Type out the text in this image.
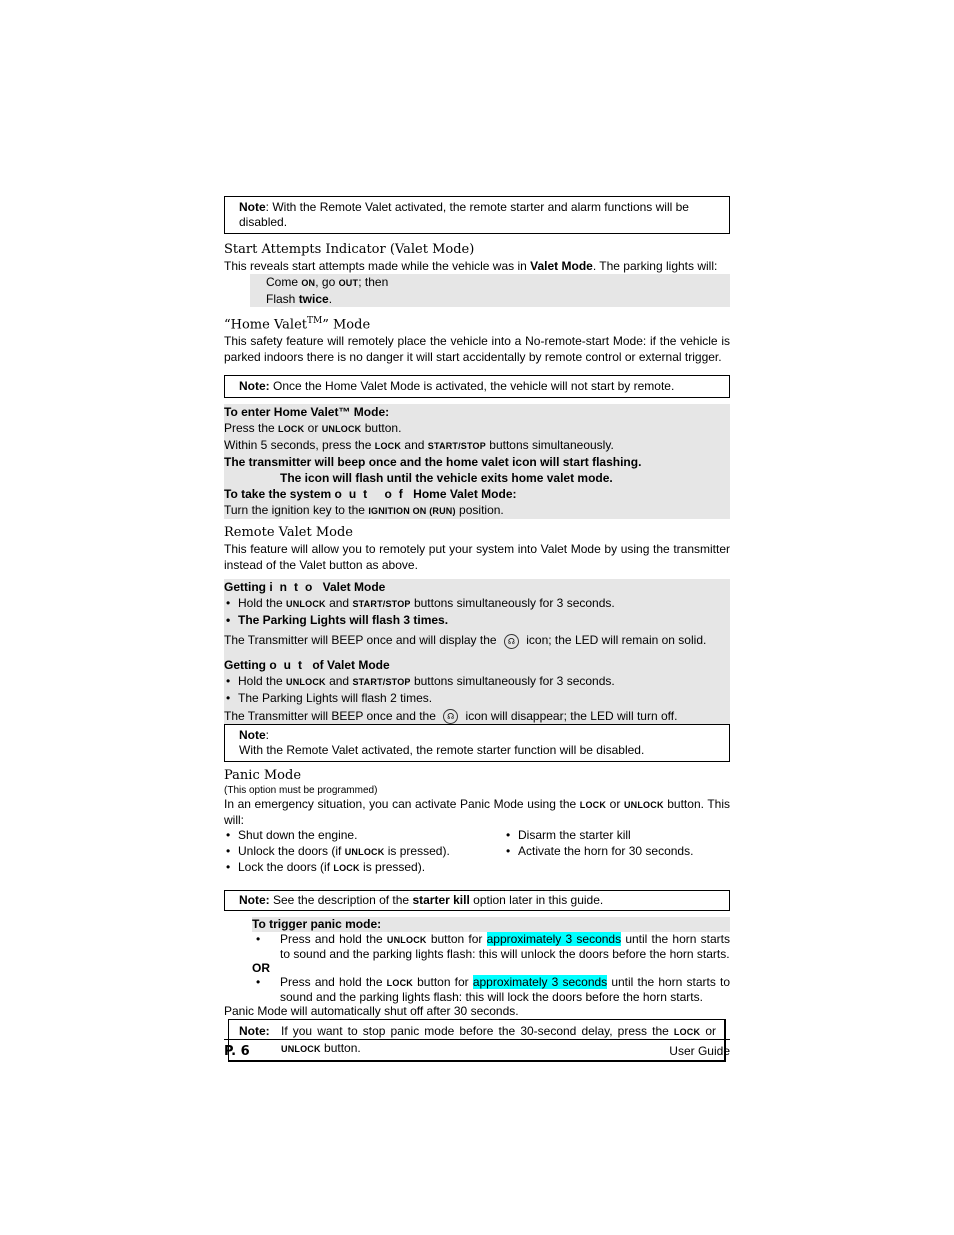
Note: With the Remote Valet activated, the remote starter and alarm functions will be disabled.
Start Attempts Indicator (Valet Mode)
This reveals start attempts made while the vehicle was in Valet Mode. The parking lights will:
Come ON, go OUT; then
Flash twice.
“Home Valet™” Mode
This safety feature will remotely place the vehicle into a No-remote-start Mode: if the vehicle is parked indoors there is no danger it will start accidentally by remote control or external trigger.
Note: Once the Home Valet Mode is activated, the vehicle will not start by remote.
To enter Home Valet™ Mode:
Press the LOCK or UNLOCK button.
Within 5 seconds, press the LOCK and START/STOP buttons simultaneously.
The transmitter will beep once and the home valet icon will start flashing.
The icon will flash until the vehicle exits home valet mode.
To take the system out of Home Valet Mode:
Turn the ignition key to the IGNITION ON (RUN) position.
Remote Valet Mode
This feature will allow you to remotely put your system into Valet Mode by using the transmitter instead of the Valet button as above.
Getting into Valet Mode
• Hold the UNLOCK and START/STOP buttons simultaneously for 3 seconds.
• The Parking Lights will flash 3 times.
The Transmitter will BEEP once and will display the ☊ icon; the LED will remain on solid.
Getting out of Valet Mode
• Hold the UNLOCK and START/STOP buttons simultaneously for 3 seconds.
• The Parking Lights will flash 2 times.
The Transmitter will BEEP once and the ☊ icon will disappear; the LED will turn off.
Note:
With the Remote Valet activated, the remote starter function will be disabled.
Panic Mode
(This option must be programmed)
In an emergency situation, you can activate Panic Mode using the LOCK or UNLOCK button. This will:
• Shut down the engine.
• Unlock the doors (if UNLOCK is pressed).
• Lock the doors (if LOCK is pressed).
• Disarm the starter kill
• Activate the horn for 30 seconds.
Note: See the description of the starter kill option later in this guide.
To trigger panic mode:
• Press and hold the UNLOCK button for approximately 3 seconds until the horn starts to sound and the parking lights flash: this will unlock the doors before the horn starts.
OR
• Press and hold the LOCK button for approximately 3 seconds until the horn starts to sound and the parking lights flash: this will lock the doors before the horn starts.
Panic Mode will automatically shut off after 30 seconds.
Note: If you want to stop panic mode before the 30-second delay, press the LOCK or UNLOCK button.
P. 6	User Guide
